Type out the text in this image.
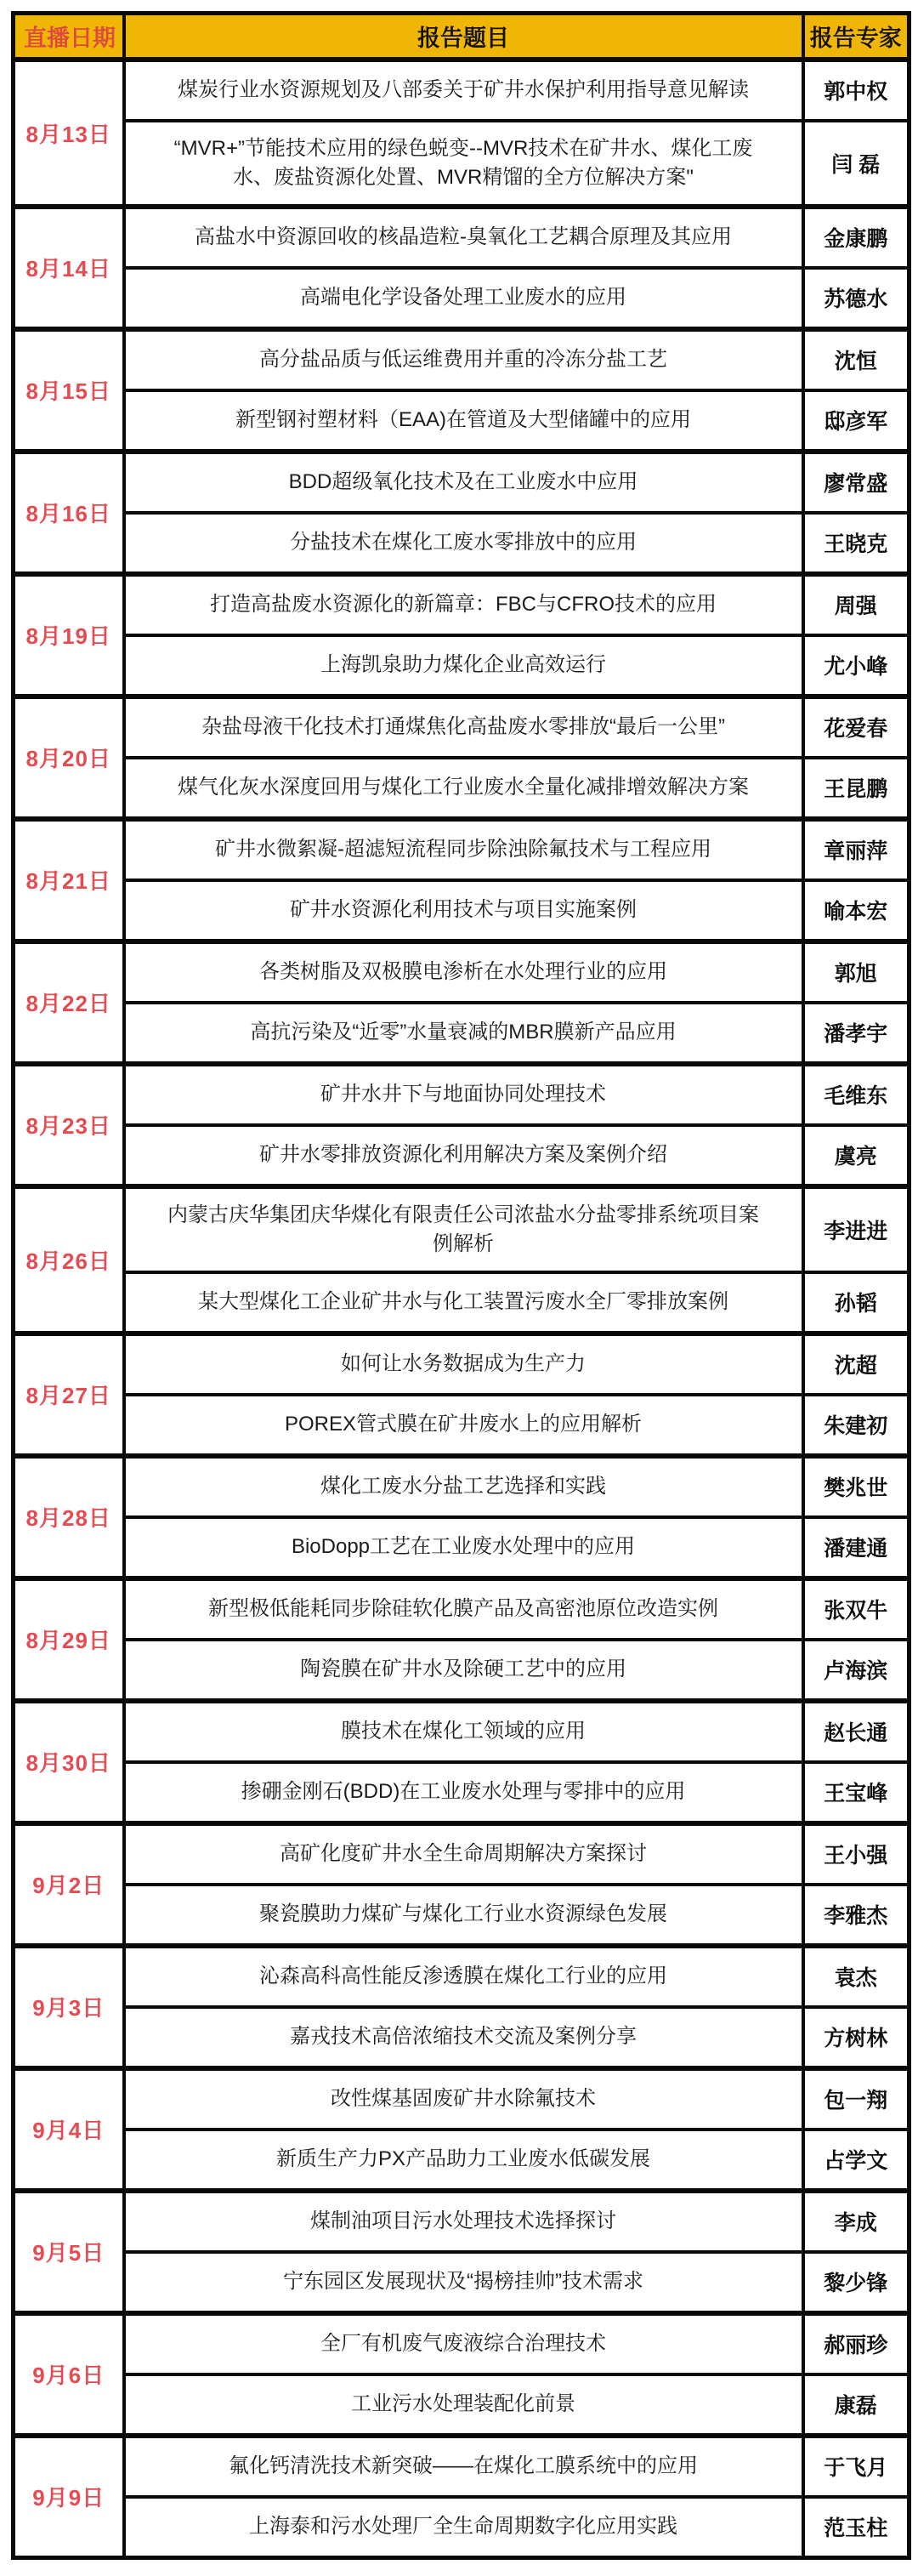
直播日期	报告题目	报告专家
8月13日	煤炭行业水资源规划及八部委关于矿井水保护利用指导意见解读	郭中权
	“MVR+”节能技术应用的绿色蜕变--MVR技术在矿井水、煤化工废水、废盐资源化处置、MVR精馏的全方位解决方案"	闫 磊
8月14日	高盐水中资源回收的核晶造粒-臭氧化工艺耦合原理及其应用	金康鹏
	高端电化学设备处理工业废水的应用	苏德水
8月15日	高分盐品质与低运维费用并重的冷冻分盐工艺	沈恒
	新型钢衬塑材料（EAA)在管道及大型储罐中的应用	邸彦军
8月16日	BDD超级氧化技术及在工业废水中应用	廖常盛
	分盐技术在煤化工废水零排放中的应用	王晓克
8月19日	打造高盐废水资源化的新篇章：FBC与CFRO技术的应用	周强
	上海凯泉助力煤化企业高效运行	尤小峰
8月20日	杂盐母液干化技术打通煤焦化高盐废水零排放“最后一公里”	花爱春
	煤气化灰水深度回用与煤化工行业废水全量化减排增效解决方案	王昆鹏
8月21日	矿井水微絮凝-超滤短流程同步除浊除氟技术与工程应用	章丽萍
	矿井水资源化利用技术与项目实施案例	喻本宏
8月22日	各类树脂及双极膜电渗析在水处理行业的应用	郭旭
	高抗污染及“近零”水量衰减的MBR膜新产品应用	潘孝宇
8月23日	矿井水井下与地面协同处理技术	毛维东
	矿井水零排放资源化利用解决方案及案例介绍	虞亮
8月26日	内蒙古庆华集团庆华煤化有限责任公司浓盐水分盐零排系统项目案例解析	李进进
	某大型煤化工企业矿井水与化工装置污废水全厂零排放案例	孙韬
8月27日	如何让水务数据成为生产力	沈超
	POREX管式膜在矿井废水上的应用解析	朱建初
8月28日	煤化工废水分盐工艺选择和实践	樊兆世
	BioDopp工艺在工业废水处理中的应用	潘建通
8月29日	新型极低能耗同步除硅软化膜产品及高密池原位改造实例	张双牛
	陶瓷膜在矿井水及除硬工艺中的应用	卢海滨
8月30日	膜技术在煤化工领域的应用	赵长通
	掺硼金刚石(BDD)在工业废水处理与零排中的应用	王宝峰
9月2日	高矿化度矿井水全生命周期解决方案探讨	王小强
	聚瓷膜助力煤矿与煤化工行业水资源绿色发展	李雅杰
9月3日	沁森高科高性能反渗透膜在煤化工行业的应用	袁杰
	嘉戎技术高倍浓缩技术交流及案例分享	方树林
9月4日	改性煤基固废矿井水除氟技术	包一翔
	新质生产力PX产品助力工业废水低碳发展	占学文
9月5日	煤制油项目污水处理技术选择探讨	李成
	宁东园区发展现状及“揭榜挂帅”技术需求	黎少锋
9月6日	全厂有机废气废液综合治理技术	郝丽珍
	工业污水处理装配化前景	康磊
9月9日	氟化钙清洗技术新突破——在煤化工膜系统中的应用	于飞月
	上海泰和污水处理厂全生命周期数字化应用实践	范玉柱
